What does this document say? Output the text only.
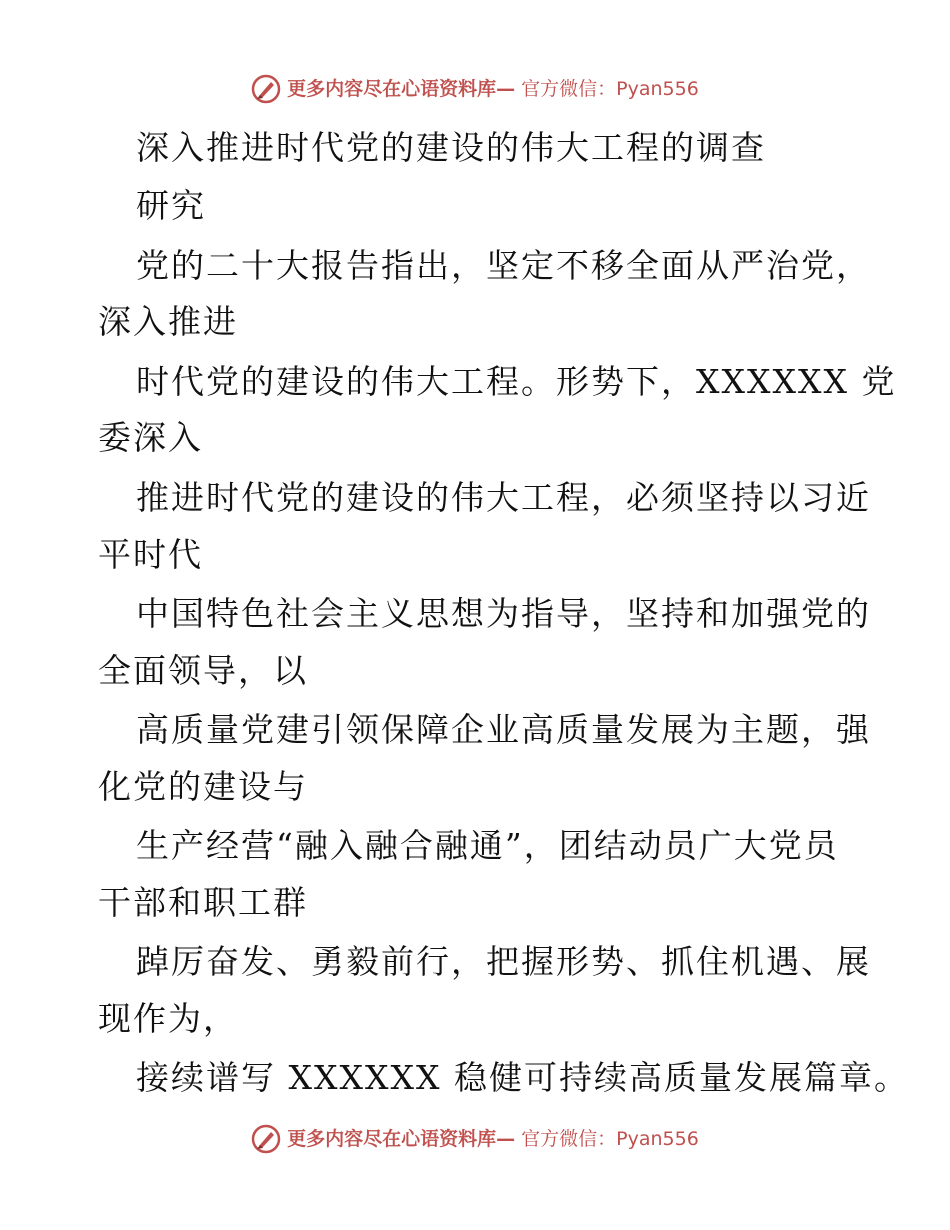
更多内容尽在心语资料库— 官方微信：Pyan556
深入推进时代党的建设的伟大工程的调查
研究
党的二十大报告指出，坚定不移全面从严治党，
深入推进
时代党的建设的伟大工程。形势下，XXXXXX 党
委深入
推进时代党的建设的伟大工程，必须坚持以习近
平时代
中国特色社会主义思想为指导，坚持和加强党的
全面领导，以
高质量党建引领保障企业高质量发展为主题，强
化党的建设与
生产经营“融入融合融通”，团结动员广大党员
干部和职工群
踔厉奋发、勇毅前行，把握形势、抓住机遇、展
现作为，
接续谱写 XXXXXX 稳健可持续高质量发展篇章。
更多内容尽在心语资料库— 官方微信：Pyan556
